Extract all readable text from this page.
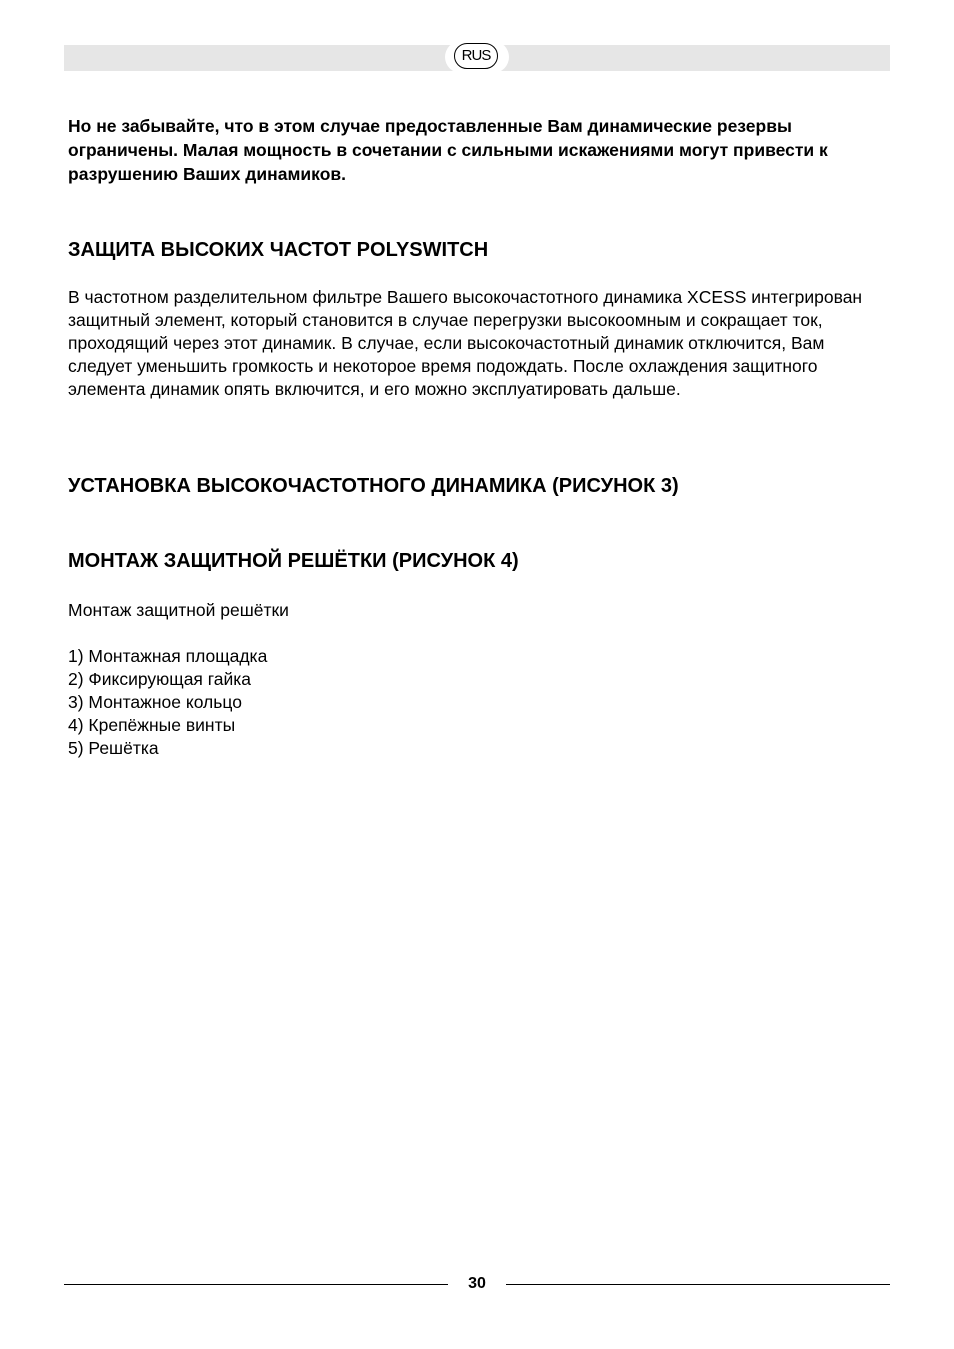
RUS

Но не забывайте, что в этом случае предоставленные Вам динамические резервы ограничены. Малая мощность в сочетании с сильными искажениями могут привести к разрушению Ваших динамиков.

ЗАЩИТА ВЫСОКИХ ЧАСТОТ POLYSWITCH

В частотном разделительном фильтре Вашего высокочастотного динамика XCESS интегрирован защитный элемент, который становится в случае перегрузки высокоомным и сокращает ток, проходящий через этот динамик. В случае, если высокочастотный динамик отключится, Вам следует уменьшить громкость и некоторое время подождать. После охлаждения защитного элемента динамик опять включится, и его можно эксплуатировать дальше.

УСТАНОВКА ВЫСОКОЧАСТОТНОГО ДИНАМИКА (РИСУНОК 3)
МОНТАЖ ЗАЩИТНОЙ РЕШЁТКИ (РИСУНОК 4)

Монтаж защитной решётки

1) Монтажная площадка
2) Фиксирующая гайка
3) Монтажное кольцо
4) Крепёжные винты
5) Решётка
30
